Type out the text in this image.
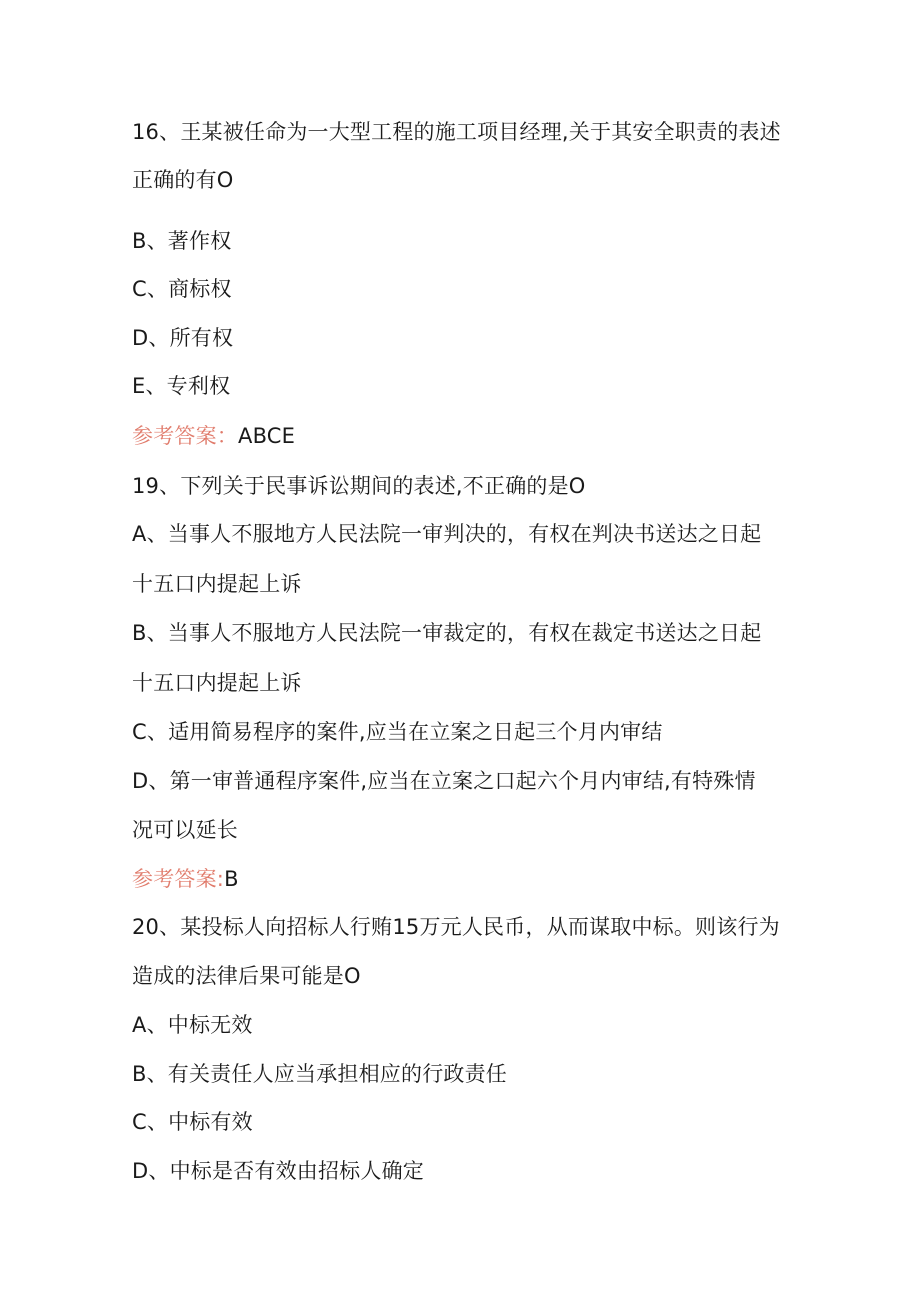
16、王某被任命为一大型工程的施工项目经理,关于其安全职责的表述
正确的有O
B、著作权
C、商标权
D、所有权
E、专利权
参考答案：ABCE
19、下列关于民事诉讼期间的表述,不正确的是O
A、当事人不服地方人民法院一审判决的，有权在判决书送达之日起
十五口内提起上诉
B、当事人不服地方人民法院一审裁定的，有权在裁定书送达之日起
十五口内提起上诉
C、适用简易程序的案件,应当在立案之日起三个月内审结
D、第一审普通程序案件,应当在立案之口起六个月内审结,有特殊情
况可以延长
参考答案:B
20、某投标人向招标人行贿15万元人民币，从而谋取中标。则该行为
造成的法律后果可能是O
A、中标无效
B、有关责任人应当承担相应的行政责任
C、中标有效
D、中标是否有效由招标人确定
